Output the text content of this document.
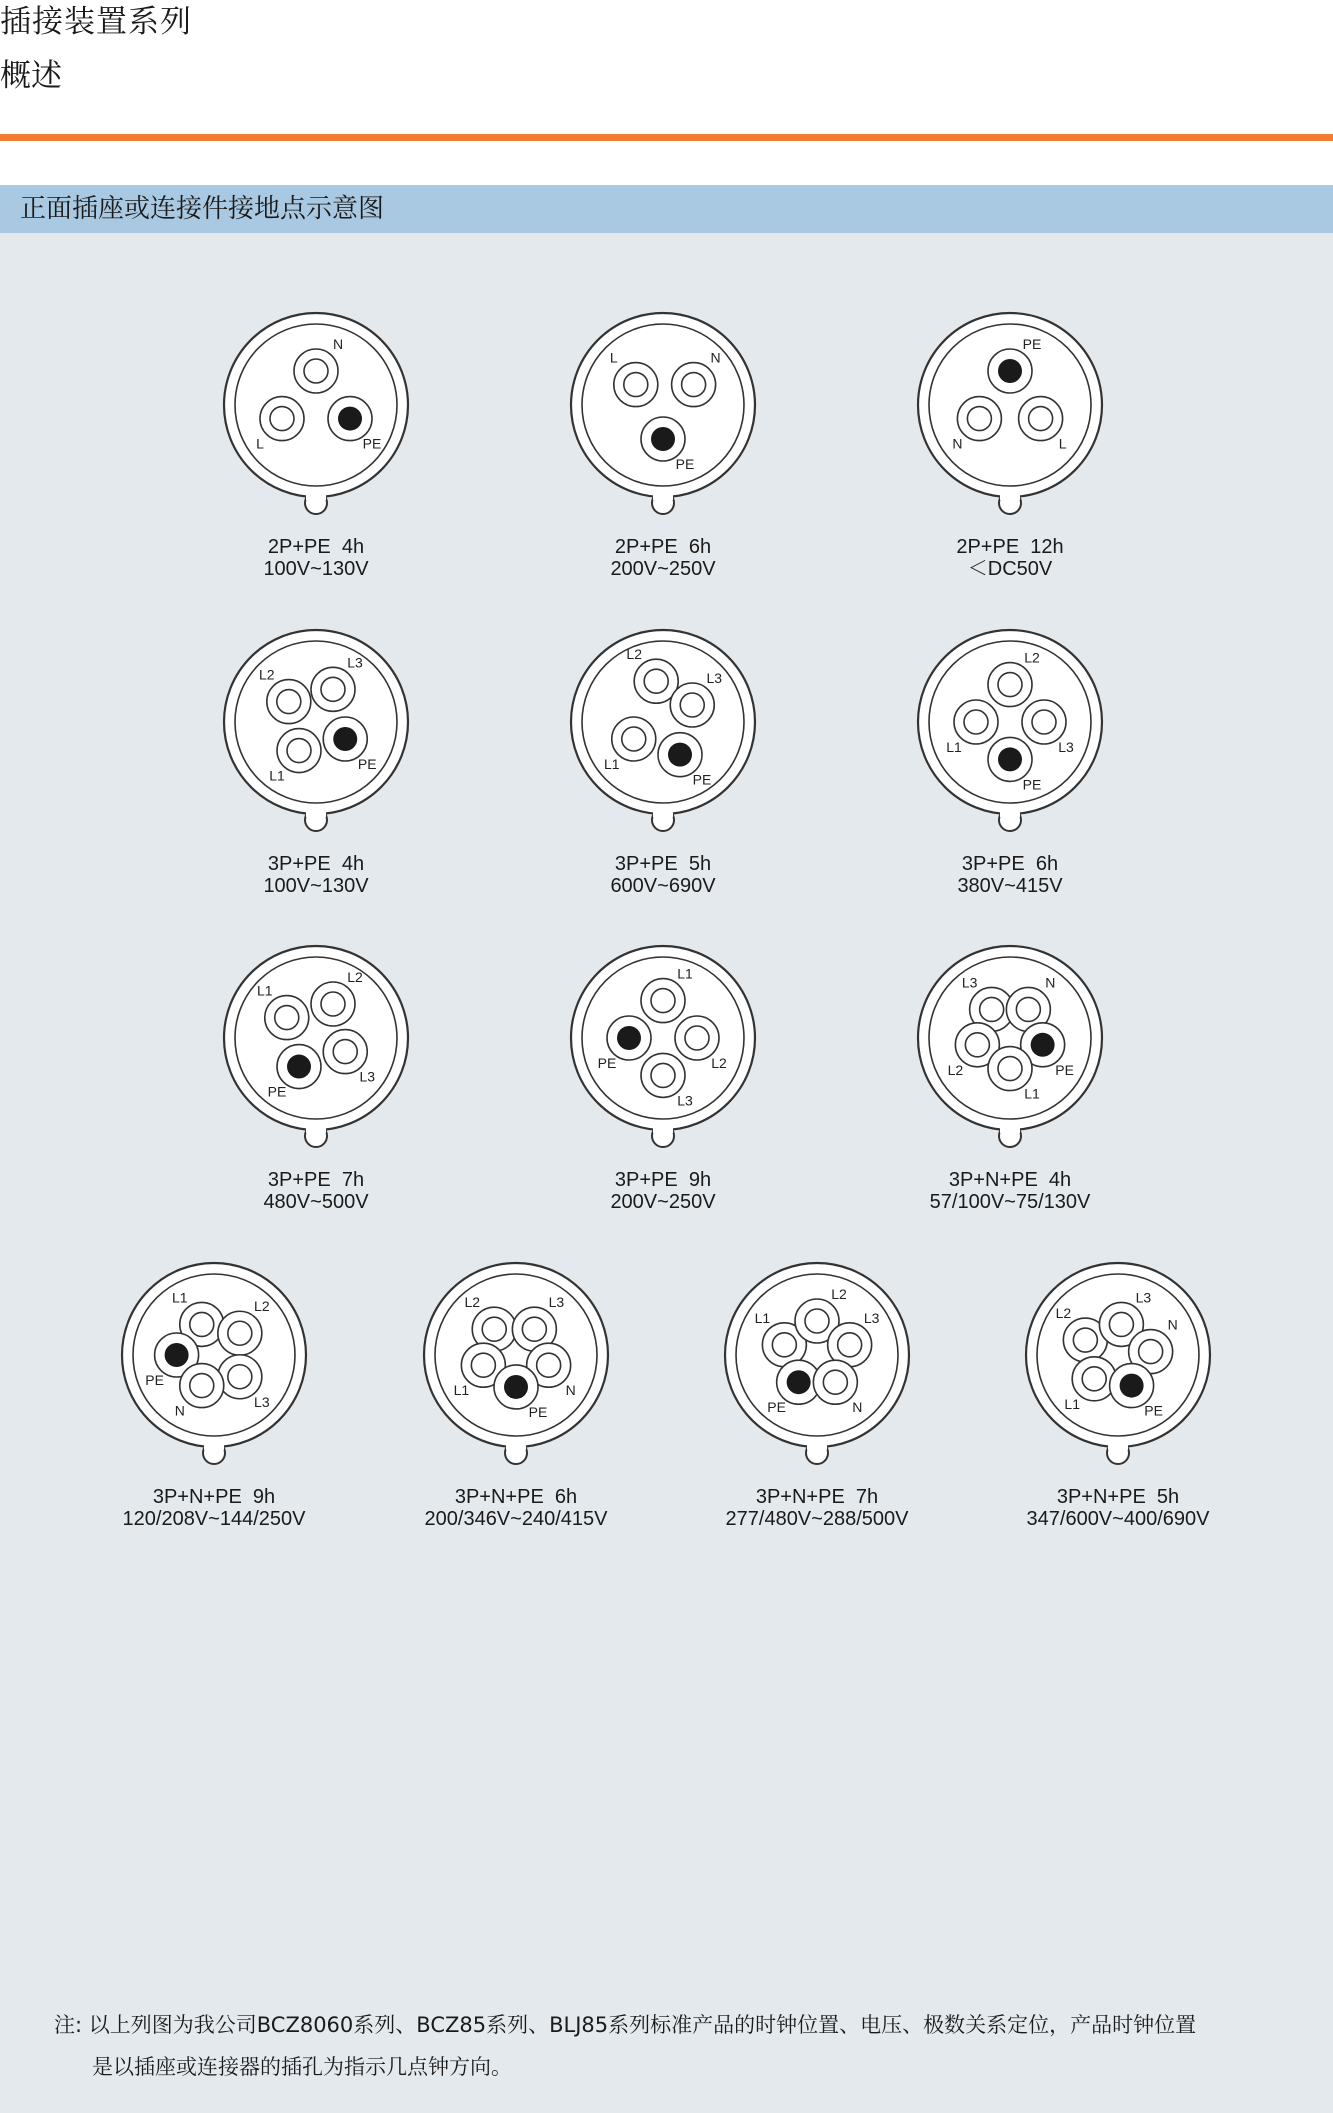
插接装置系列
概述
正面插座或连接件接地点示意图
N
L	PE
2P+PE  4h
100V~130V
L	N
PE
2P+PE  6h
200V~250V
PE
N	L
2P+PE  12h
＜DC50V
L2
L3
L1
PE
3P+PE  4h
100V~130V
L2
L3
L1
PE
3P+PE  5h
600V~690V
L2
L1	L3
PE
3P+PE  6h
380V~415V
L1
L2
PE
L3
3P+PE  7h
480V~500V
L1
PE	L2
L3
3P+PE  9h
200V~250V
L3	N
L2	PE
L1
3P+N+PE  4h
57/100V~75/130V
L1
L2
PE
L3
N
3P+N+PE  9h
120/208V~144/250V
L2	L3
L1	N
PE
3P+N+PE  6h
200/346V~240/415V
L1
L2
L3
PE	N
3P+N+PE  7h
277/480V~288/500V
L2
L3
N
L1	PE
3P+N+PE  5h
347/600V~400/690V
注: 以上列图为我公司BCZ8060系列、BCZ85系列、BLJ85系列标准产品的时钟位置、电压、极数关系定位，产品时钟位置
是以插座或连接器的插孔为指示几点钟方向。
